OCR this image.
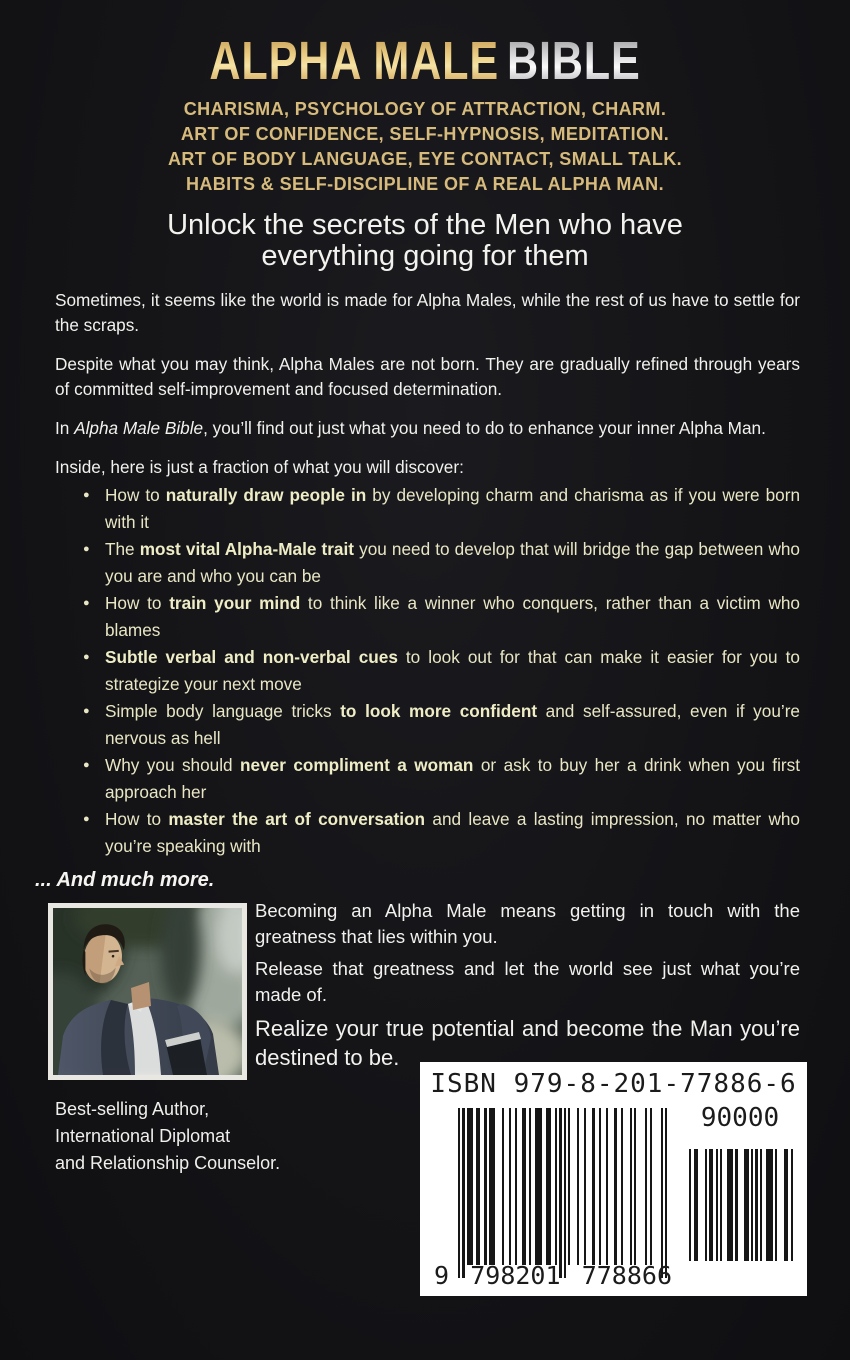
ALPHA MALE BIBLE
CHARISMA, PSYCHOLOGY OF ATTRACTION, CHARM.
ART OF CONFIDENCE, SELF-HYPNOSIS, MEDITATION.
ART OF BODY LANGUAGE, EYE CONTACT, SMALL TALK.
HABITS & SELF-DISCIPLINE OF A REAL ALPHA MAN.
Unlock the secrets of the Men who have everything going for them

Sometimes, it seems like the world is made for Alpha Males, while the rest of us have to settle for the scraps.

Despite what you may think, Alpha Males are not born. They are gradually refined through years of committed self-improvement and focused determination.

In Alpha Male Bible, you’ll find out just what you need to do to enhance your inner Alpha Man.

Inside, here is just a fraction of what you will discover:

● How to naturally draw people in by developing charm and charisma as if you were born with it
● The most vital Alpha-Male trait you need to develop that will bridge the gap between who you are and who you can be
● How to train your mind to think like a winner who conquers, rather than a victim who blames
● Subtle verbal and non-verbal cues to look out for that can make it easier for you to strategize your next move
● Simple body language tricks to look more confident and self-assured, even if you’re nervous as hell
● Why you should never compliment a woman or ask to buy her a drink when you first approach her
● How to master the art of conversation and leave a lasting impression, no matter who you’re speaking with

... And much more.

Becoming an Alpha Male means getting in touch with the greatness that lies within you.

Release that greatness and let the world see just what you’re made of.

Realize your true potential and become the Man you’re destined to be.

Best-selling Author,
International Diplomat
and Relationship Counselor.
ISBN 979-8-201-77886-6
9 798201 778866
90000
